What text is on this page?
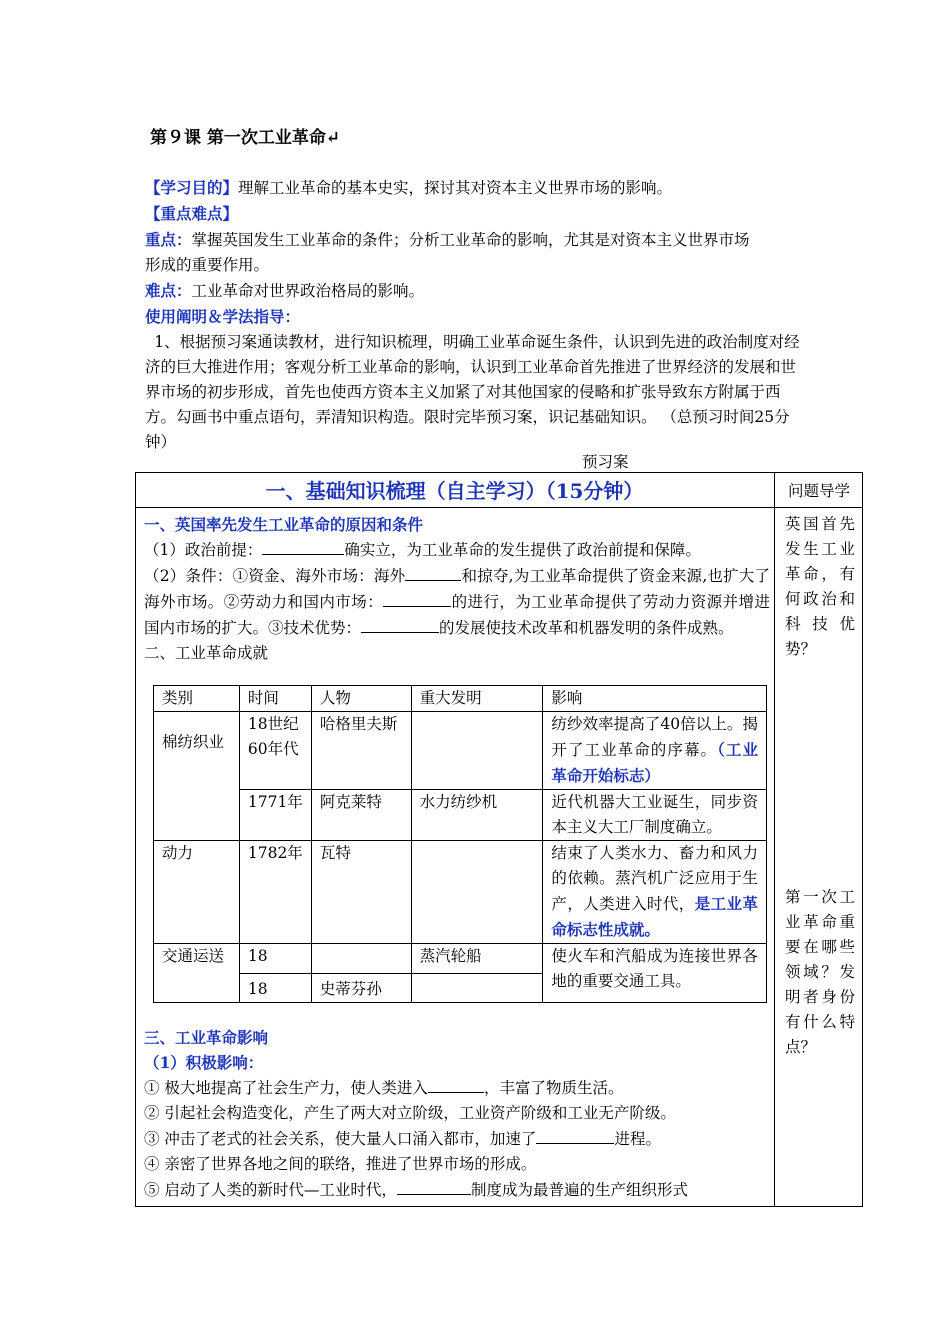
第９课 第一次工业革命↵

【学习目的】理解工业革命的基本史实，探讨其对资本主义世界市场的影响。

【重点难点】

重点：掌握英国发生工业革命的条件；分析工业革命的影响，尤其是对资本主义世界市场

形成的重要作用。

难点：工业革命对世界政治格局的影响。

使用阐明＆学法指导：

1、根据预习案通读教材，进行知识梳理，明确工业革命诞生条件，认识到先进的政治制度对经济的巨大推进作用；客观分析工业革命的影响，认识到工业革命首先推进了世界经济的发展和世界市场的初步形成，首先也使西方资本主义加紧了对其他国家的侵略和扩张导致东方附属于西方。勾画书中重点语句，弄清知识构造。限时完毕预习案，识记基础知识。 （总预习时间25分钟）

预习案
一、基础知识梳理（自主学习）（15分钟）	问题导学

一、英国率先发生工业革命的原因和条件

（1）政治前提：	确实立，为工业革命的发生提供了政治前提和保障。

（2）条件：①资金、海外市场：海外	和掠夺,为工业革命提供了资金来源,也扩大了海外市场。②劳动力和国内市场：	的进行，为工业革命提供了劳动力资源并增进国内市场的扩大。③技术优势：	的发展使技术改革和机器发明的条件成熟。

二、工业革命成就

类别	时间	人物	重大发明	影响
棉纺织业	18世纪60年代	哈格里夫斯		纺纱效率提高了40倍以上。揭开了工业革命的序幕。（工业革命开始标志）
	1771年	阿克莱特	水力纺纱机	近代机器大工业诞生，同步资本主义大工厂制度确立。
动力	1782年	瓦特		结束了人类水力、畜力和风力的依赖。蒸汽机广泛应用于生产，人类进入时代，是工业革命标志性成就。
交通运送	18		蒸汽轮船	使火车和汽船成为连接世界各地的重要交通工具。
	18	史蒂芬孙		

三、工业革命影响

（1）积极影响：

① 极大地提高了社会生产力，使人类进入	，丰富了物质生活。

② 引起社会构造变化，产生了两大对立阶级，工业资产阶级和工业无产阶级。

③ 冲击了老式的社会关系，使大量人口涌入都市，加速了	进程。

④ 亲密了世界各地之间的联络，推进了世界市场的形成。

⑤ 启动了人类的新时代—工业时代，	制度成为最普遍的生产组织形式

英国首先发生工业革命，有何政治和科技优势？
第一次工业革命重要在哪些领域？发明者身份有什么特点？
